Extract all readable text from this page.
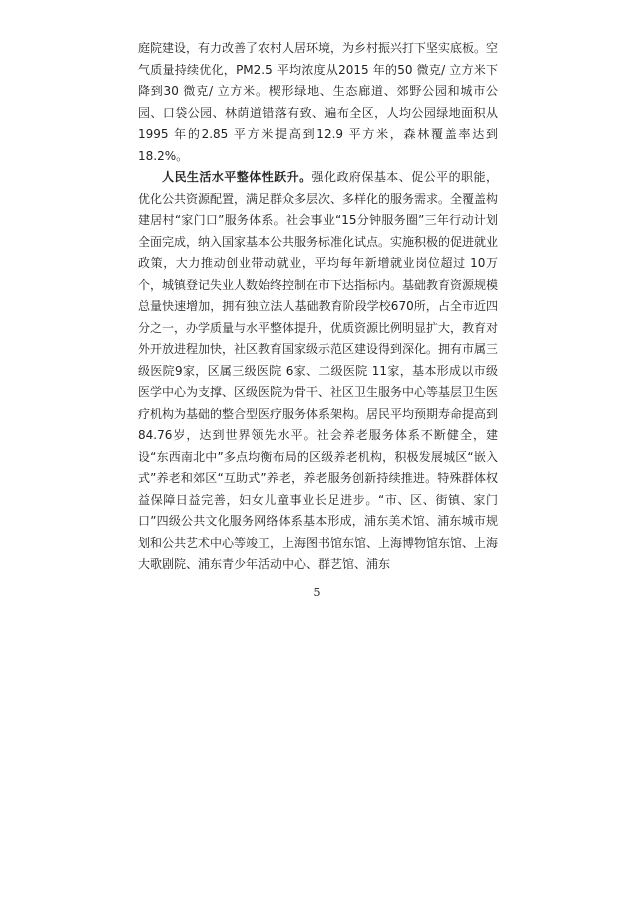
庭院建设，有力改善了农村人居环境，为乡村振兴打下坚实底板。空气质量持续优化，PM2.5 平均浓度从2015 年的50 微克/ 立方米下降到30 微克/ 立方米。楔形绿地、生态廊道、郊野公园和城市公园、口袋公园、林荫道错落有致、遍布全区，人均公园绿地面积从1995 年的2.85 平方米提高到12.9 平方米，森林覆盖率达到18.2%。

人民生活水平整体性跃升。强化政府保基本、促公平的职能，优化公共资源配置，满足群众多层次、多样化的服务需求。全覆盖构建居村“家门口”服务体系。社会事业“15分钟服务圈”三年行动计划全面完成，纳入国家基本公共服务标准化试点。实施积极的促进就业政策，大力推动创业带动就业，平均每年新增就业岗位超过 10万个，城镇登记失业人数始终控制在市下达指标内。基础教育资源规模总量快速增加，拥有独立法人基础教育阶段学校670所，占全市近四分之一，办学质量与水平整体提升，优质资源比例明显扩大，教育对外开放进程加快，社区教育国家级示范区建设得到深化。拥有市属三级医院9家，区属三级医院 6家、二级医院 11家，基本形成以市级医学中心为支撑、区级医院为骨干、社区卫生服务中心等基层卫生医疗机构为基础的整合型医疗服务体系架构。居民平均预期寿命提高到 84.76岁，达到世界领先水平。社会养老服务体系不断健全，建设“东西南北中”多点均衡布局的区级养老机构，积极发展城区“嵌入式”养老和郊区“互助式”养老，养老服务创新持续推进。特殊群体权益保障日益完善，妇女儿童事业长足进步。“市、区、街镇、家门口”四级公共文化服务网络体系基本形成，浦东美术馆、浦东城市规划和公共艺术中心等竣工，上海图书馆东馆、上海博物馆东馆、上海大歌剧院、浦东青少年活动中心、群艺馆、浦东

5
